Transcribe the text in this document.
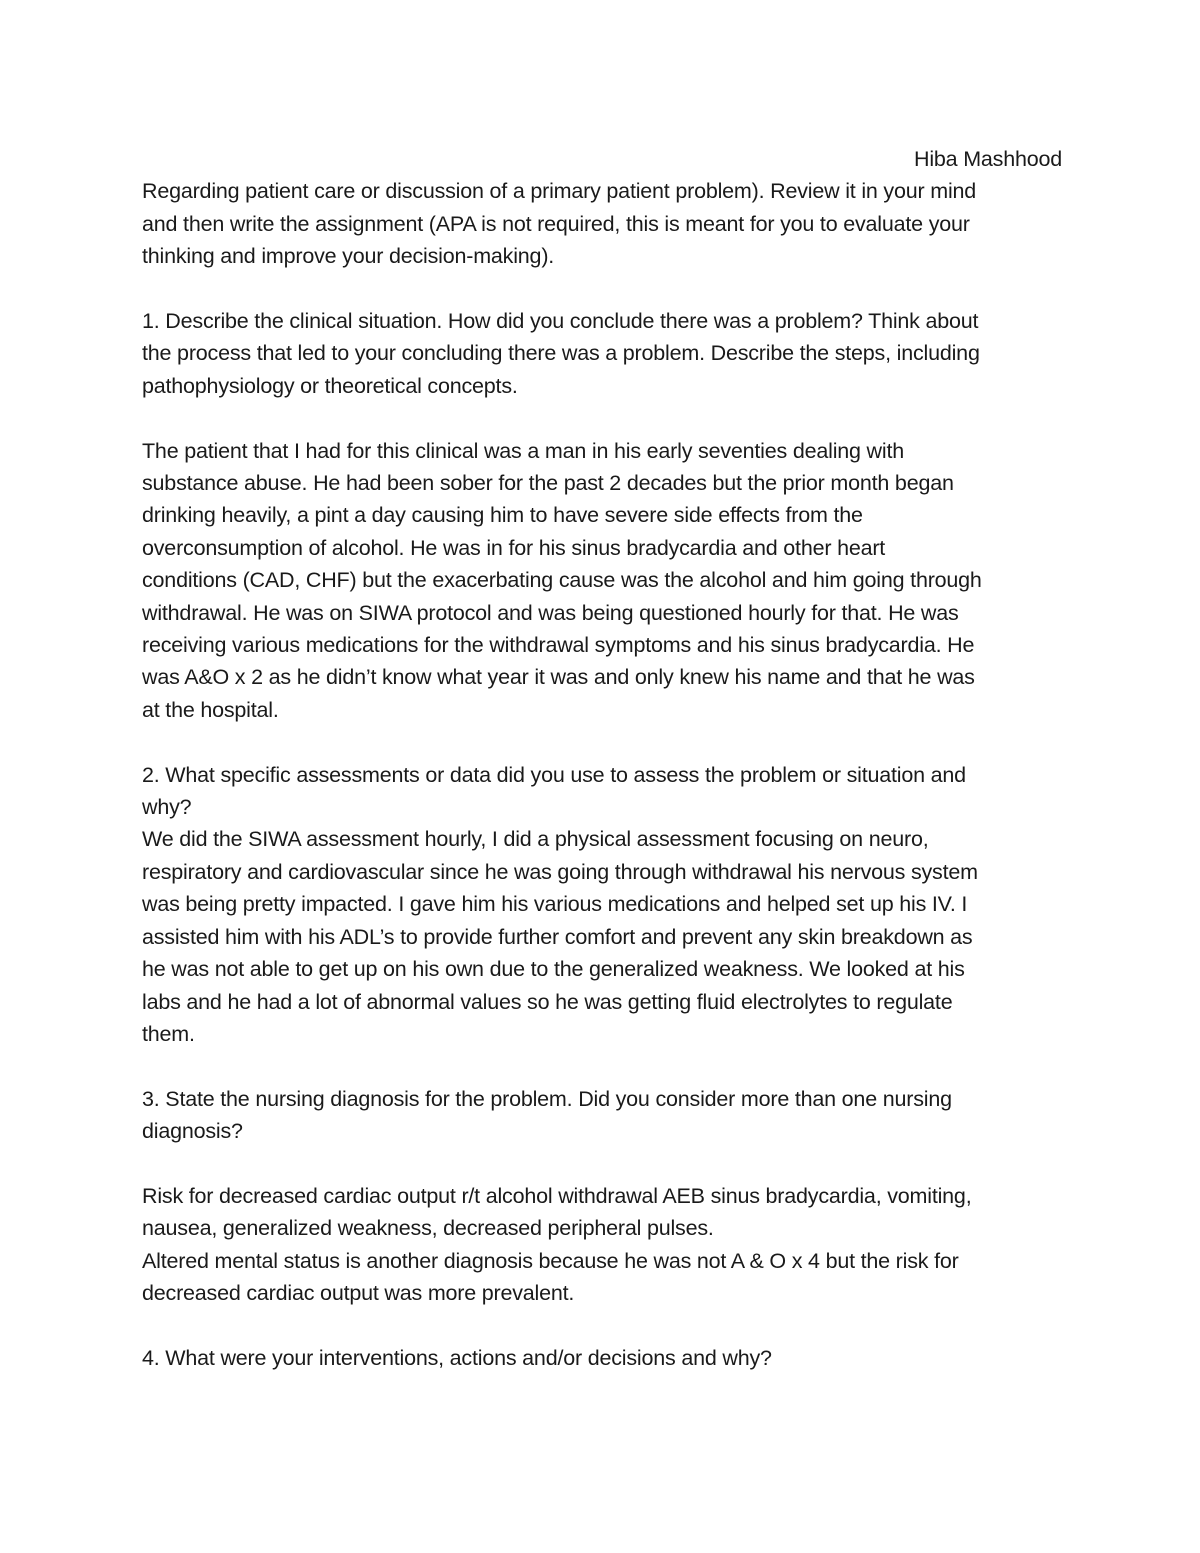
Hiba Mashhood
Regarding patient care or discussion of a primary patient problem). Review it in your mind
and then write the assignment (APA is not required, this is meant for you to evaluate your
thinking and improve your decision-making).
1. Describe the clinical situation. How did you conclude there was a problem? Think about
the process that led to your concluding there was a problem. Describe the steps, including
pathophysiology or theoretical concepts.
The patient that I had for this clinical was a man in his early seventies dealing with
substance abuse. He had been sober for the past 2 decades but the prior month began
drinking heavily, a pint a day causing him to have severe side effects from the
overconsumption of alcohol. He was in for his sinus bradycardia and other heart
conditions (CAD, CHF) but the exacerbating cause was the alcohol and him going through
withdrawal. He was on SIWA protocol and was being questioned hourly for that. He was
receiving various medications for the withdrawal symptoms and his sinus bradycardia. He
was A&O x 2 as he didn’t know what year it was and only knew his name and that he was
at the hospital.
2. What specific assessments or data did you use to assess the problem or situation and
why?
We did the SIWA assessment hourly, I did a physical assessment focusing on neuro,
respiratory and cardiovascular since he was going through withdrawal his nervous system
was being pretty impacted. I gave him his various medications and helped set up his IV. I
assisted him with his ADL’s to provide further comfort and prevent any skin breakdown as
he was not able to get up on his own due to the generalized weakness. We looked at his
labs and he had a lot of abnormal values so he was getting fluid electrolytes to regulate
them.
3. State the nursing diagnosis for the problem. Did you consider more than one nursing
diagnosis?
Risk for decreased cardiac output r/t alcohol withdrawal AEB sinus bradycardia, vomiting,
nausea, generalized weakness, decreased peripheral pulses.
Altered mental status is another diagnosis because he was not A & O x 4 but the risk for
decreased cardiac output was more prevalent.
4. What were your interventions, actions and/or decisions and why?
